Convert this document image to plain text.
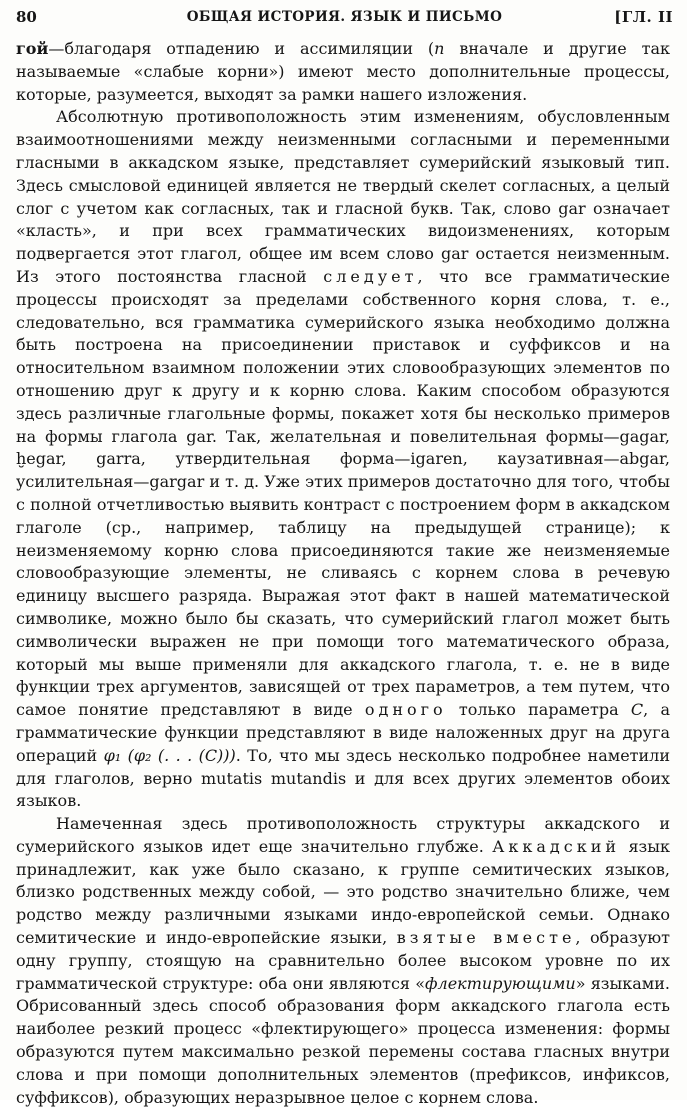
80	ОБЩАЯ ИСТОРИЯ. ЯЗЫК И ПИСЬМО	[ГЛ. II

гой—благодаря отпадению и ассимиляции (n вначале и другие так называемые «слабые корни») имеют место дополнительные процессы, которые, разумеется, выходят за рамки нашего изложения.

Абсолютную противоположность этим изменениям, обусловленным взаимоотношениями между неизменными согласными и переменными гласными в аккадском языке, представляет сумерийский языковый тип. Здесь смысловой единицей является не твердый скелет согласных, а целый слог с учетом как согласных, так и гласной букв. Так, слово gar означает «класть», и при всех грамматических видоизменениях, которым подвергается этот глагол, общее им всем слово gar остается неизменным. Из этого постоянства гласной следует, что все грамматические процессы происходят за пределами собственного корня слова, т. е., следовательно, вся грамматика сумерийского языка необходимо должна быть построена на присоединении приставок и суффиксов и на относительном взаимном положении этих словообразующих элементов по отношению друг к другу и к корню слова. Каким способом образуются здесь различные глагольные формы, покажет хотя бы несколько примеров на формы глагола gar. Так, желательная и повелительная формы—gagar, ḫegar, garra, утвердительная форма—igaren, каузативная—abgar, усилительная—gargar и т. д. Уже этих примеров достаточно для того, чтобы с полной отчетливостью выявить контраст с построением форм в аккадском глаголе (ср., например, таблицу на предыдущей странице); к неизменяемому корню слова присоединяются такие же неизменяемые словообразующие элементы, не сливаясь с корнем слова в речевую единицу высшего разряда. Выражая этот факт в нашей математической символике, можно было бы сказать, что сумерийский глагол может быть символически выражен не при помощи того математического образа, который мы выше применяли для аккадского глагола, т. е. не в виде функции трех аргументов, зависящей от трех параметров, а тем путем, что самое понятие представляют в виде одного только параметра C, а грамматические функции представляют в виде наложенных друг на друга операций φ₁ (φ₂ (. . . (C))). То, что мы здесь несколько подробнее наметили для глаголов, верно mutatis mutandis и для всех других элементов обоих языков.

Намеченная здесь противоположность структуры аккадского и сумерийского языков идет еще значительно глубже. Аккадский язык принадлежит, как уже было сказано, к группе семитических языков, близко родственных между собой, — это родство значительно ближе, чем родство между различными языками индо-европейской семьи. Однако семитические и индо-европейские языки, взятые вместе, образуют одну группу, стоящую на сравнительно более высоком уровне по их грамматической структуре: оба они являются «флектирующими» языками. Обрисованный здесь способ образования форм аккадского глагола есть наиболее резкий процесс «флектирующего» процесса изменения: формы образуются путем максимально резкой перемены состава гласных внутри слова и при помощи дополнительных элементов (префиксов, инфиксов, суффиксов), образующих неразрывное целое с корнем слова.
